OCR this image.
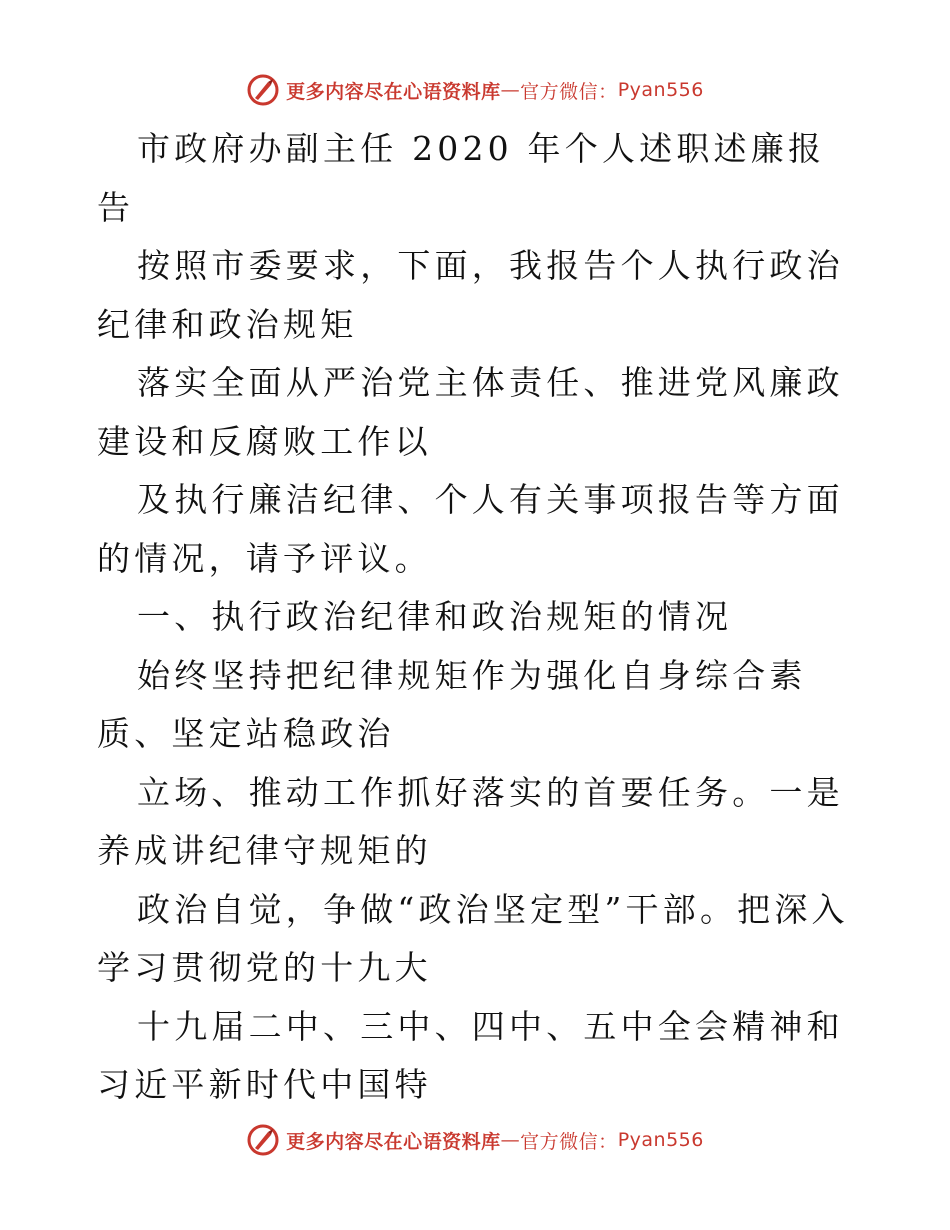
更多内容尽在心语资料库 — 官方微信： Pyan556

市政府办副主任 2020 年个人述职述廉报告

按照市委要求，下面，我报告个人执行政治纪律和政治规矩

落实全面从严治党主体责任、推进党风廉政建设和反腐败工作以

及执行廉洁纪律、个人有关事项报告等方面的情况，请予评议。

一、执行政治纪律和政治规矩的情况

始终坚持把纪律规矩作为强化自身综合素质、坚定站稳政治

立场、推动工作抓好落实的首要任务。一是养成讲纪律守规矩的

政治自觉，争做“政治坚定型”干部。把深入学习贯彻党的十九大

十九届二中、三中、四中、五中全会精神和习近平新时代中国特

更多内容尽在心语资料库 — 官方微信： Pyan556
